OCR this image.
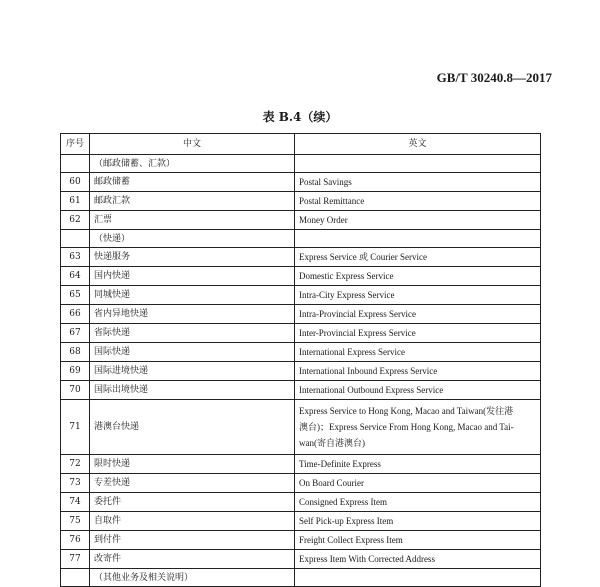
GB/T 30240.8—2017
表 B.4（续）
序号	中文	英文
	（邮政储蓄、汇款）	
60	邮政储蓄	Postal Savings
61	邮政汇款	Postal Remittance
62	汇票	Money Order
	（快递）	
63	快递服务	Express Service 或 Courier Service
64	国内快递	Domestic Express Service
65	同城快递	Intra-City Express Service
66	省内异地快递	Intra-Provincial Express Service
67	省际快递	Inter-Provincial Express Service
68	国际快递	International Express Service
69	国际进境快递	International Inbound Express Service
70	国际出境快递	International Outbound Express Service
71	港澳台快递	Express Service to Hong Kong, Macao and Taiwan(发往港
澳台)；Express Service From Hong Kong, Macao and Tai-
wan(寄自港澳台)

72	限时快递	Time-Definite Express
73	专差快递	On Board Courier
74	委托件	Consigned Express Item
75	自取件	Self Pick-up Express Item
76	到付件	Freight Collect Express Item
77	改寄件	Express Item With Corrected Address
	（其他业务及相关说明）	
